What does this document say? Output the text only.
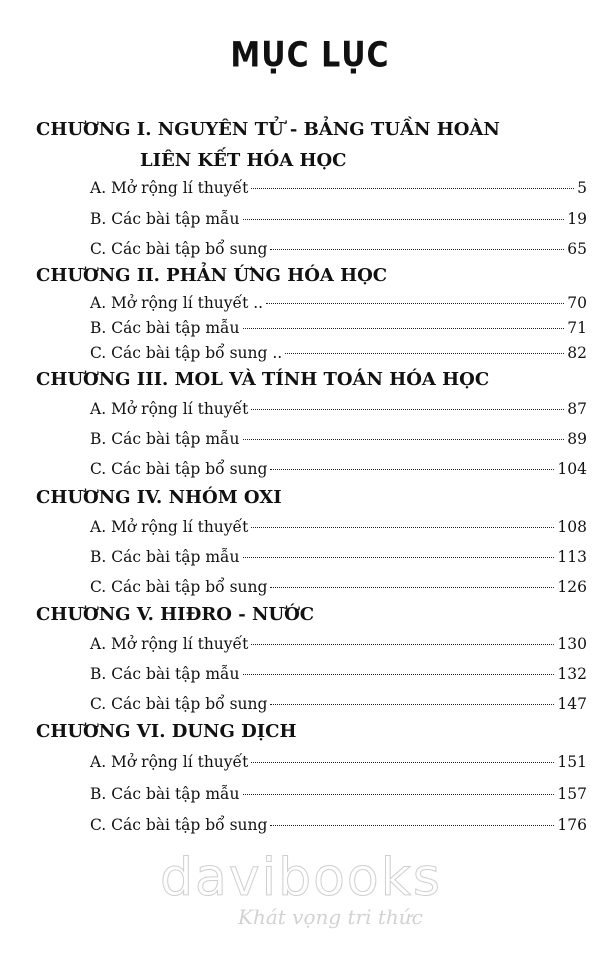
MỤC LỤC
CHƯƠNG I. NGUYÊN TỬ - BẢNG TUẦN HOÀN
LIÊN KẾT HÓA HỌC
A. Mở rộng lí thuyết	5
B. Các bài tập mẫu	19
C. Các bài tập bổ sung	65
CHƯƠNG II. PHẢN ỨNG HÓA HỌC
A. Mở rộng lí thuyết ..	70
B. Các bài tập mẫu	71
C. Các bài tập bổ sung ..	82
CHƯƠNG III. MOL VÀ TÍNH TOÁN HÓA HỌC
A. Mở rộng lí thuyết	87
B. Các bài tập mẫu	89
C. Các bài tập bổ sung	104
CHƯƠNG IV. NHÓM OXI
A. Mở rộng lí thuyết	108
B. Các bài tập mẫu	113
C. Các bài tập bổ sung	126
CHƯƠNG V. HIĐRO - NƯỚC
A. Mở rộng lí thuyết	130
B. Các bài tập mẫu	132
C. Các bài tập bổ sung	147
CHƯƠNG VI. DUNG DỊCH
A. Mở rộng lí thuyết	151
B. Các bài tập mẫu	157
C. Các bài tập bổ sung	176
davibooks
Khát vọng tri thức
